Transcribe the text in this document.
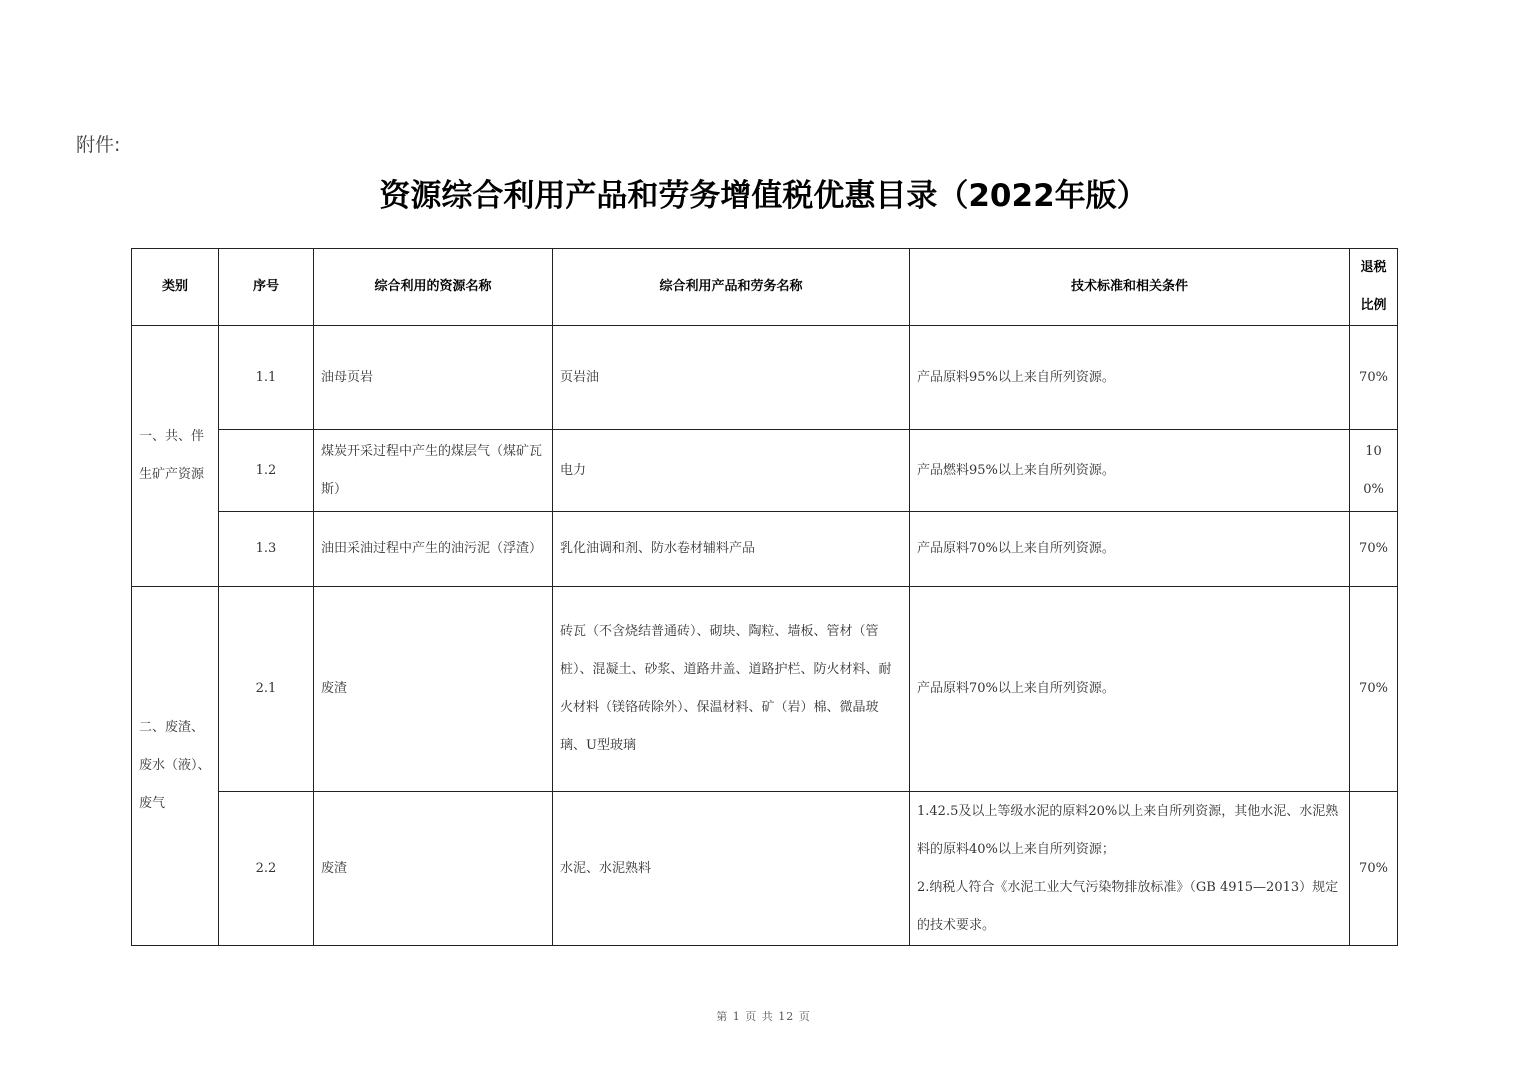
附件:
资源综合利用产品和劳务增值税优惠目录（2022年版）
类别	序号	综合利用的资源名称	综合利用产品和劳务名称	技术标准和相关条件	退税比例
一、共、伴生矿产资源	1.1	油母页岩	页岩油	产品原料95%以上来自所列资源。	70%
	1.2	煤炭开采过程中产生的煤层气（煤矿瓦斯）	电力	产品燃料95%以上来自所列资源。	100%
	1.3	油田采油过程中产生的油污泥（浮渣）	乳化油调和剂、防水卷材辅料产品	产品原料70%以上来自所列资源。	70%
二、废渣、废水（液）、废气	2.1	废渣	砖瓦（不含烧结普通砖）、砌块、陶粒、墙板、管材（管桩）、混凝土、砂浆、道路井盖、道路护栏、防火材料、耐火材料（镁铬砖除外）、保温材料、矿（岩）棉、微晶玻璃、U型玻璃	产品原料70%以上来自所列资源。	70%
	2.2	废渣	水泥、水泥熟料	1.42.5及以上等级水泥的原料20%以上来自所列资源，其他水泥、水泥熟料的原料40%以上来自所列资源；
2.纳税人符合《水泥工业大气污染物排放标准》（GB 4915—2013）规定的技术要求。	70%
第 1 页 共 12 页
